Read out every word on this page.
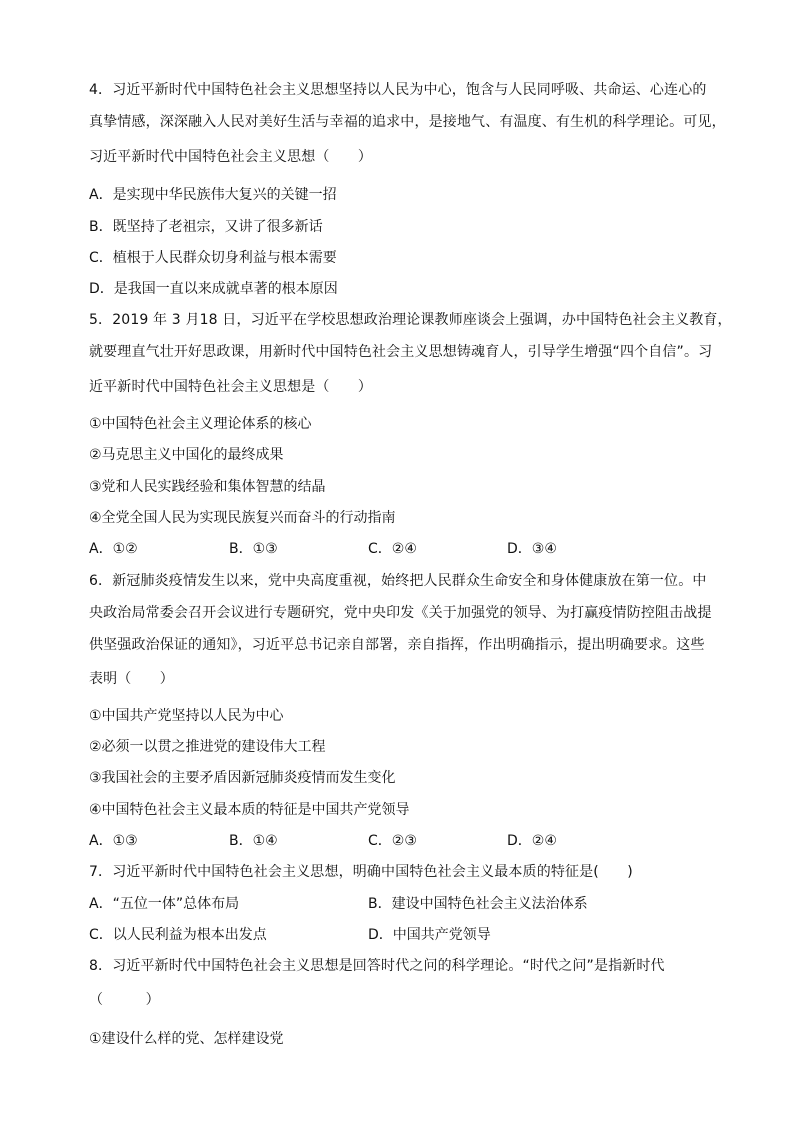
4．习近平新时代中国特色社会主义思想坚持以人民为中心，饱含与人民同呼吸、共命运、心连心的
真挚情感，深深融入人民对美好生活与幸福的追求中，是接地气、有温度、有生机的科学理论。可见，
习近平新时代中国特色社会主义思想（　　）
A．是实现中华民族伟大复兴的关键一招
B．既坚持了老祖宗，又讲了很多新话
C．植根于人民群众切身利益与根本需要
D．是我国一直以来成就卓著的根本原因
5．2019 年 3 月18 日，习近平在学校思想政治理论课教师座谈会上强调，办中国特色社会主义教育，
就要理直气壮开好思政课，用新时代中国特色社会主义思想铸魂育人，引导学生增强“四个自信”。习
近平新时代中国特色社会主义思想是（　　）
①中国特色社会主义理论体系的核心
②马克思主义中国化的最终成果
③党和人民实践经验和集体智慧的结晶
④全党全国人民为实现民族复兴而奋斗的行动指南
A．①②	B．①③	C．②④	D．③④
6．新冠肺炎疫情发生以来，党中央高度重视，始终把人民群众生命安全和身体健康放在第一位。中
央政治局常委会召开会议进行专题研究，党中央印发《关于加强党的领导、为打赢疫情防控阻击战提
供坚强政治保证的通知》，习近平总书记亲自部署，亲自指挥，作出明确指示，提出明确要求。这些
表明（　　）
①中国共产党坚持以人民为中心
②必须一以贯之推进党的建设伟大工程
③我国社会的主要矛盾因新冠肺炎疫情而发生变化
④中国特色社会主义最本质的特征是中国共产党领导
A．①③	B．①④	C．②③	D．②④
7．习近平新时代中国特色社会主义思想，明确中国特色社会主义最本质的特征是(　　)
A．“五位一体”总体布局	B．建设中国特色社会主义法治体系
C．以人民利益为根本出发点	D．中国共产党领导
8．习近平新时代中国特色社会主义思想是回答时代之问的科学理论。“时代之问”是指新时代
（　　　）
①建设什么样的党、怎样建设党
